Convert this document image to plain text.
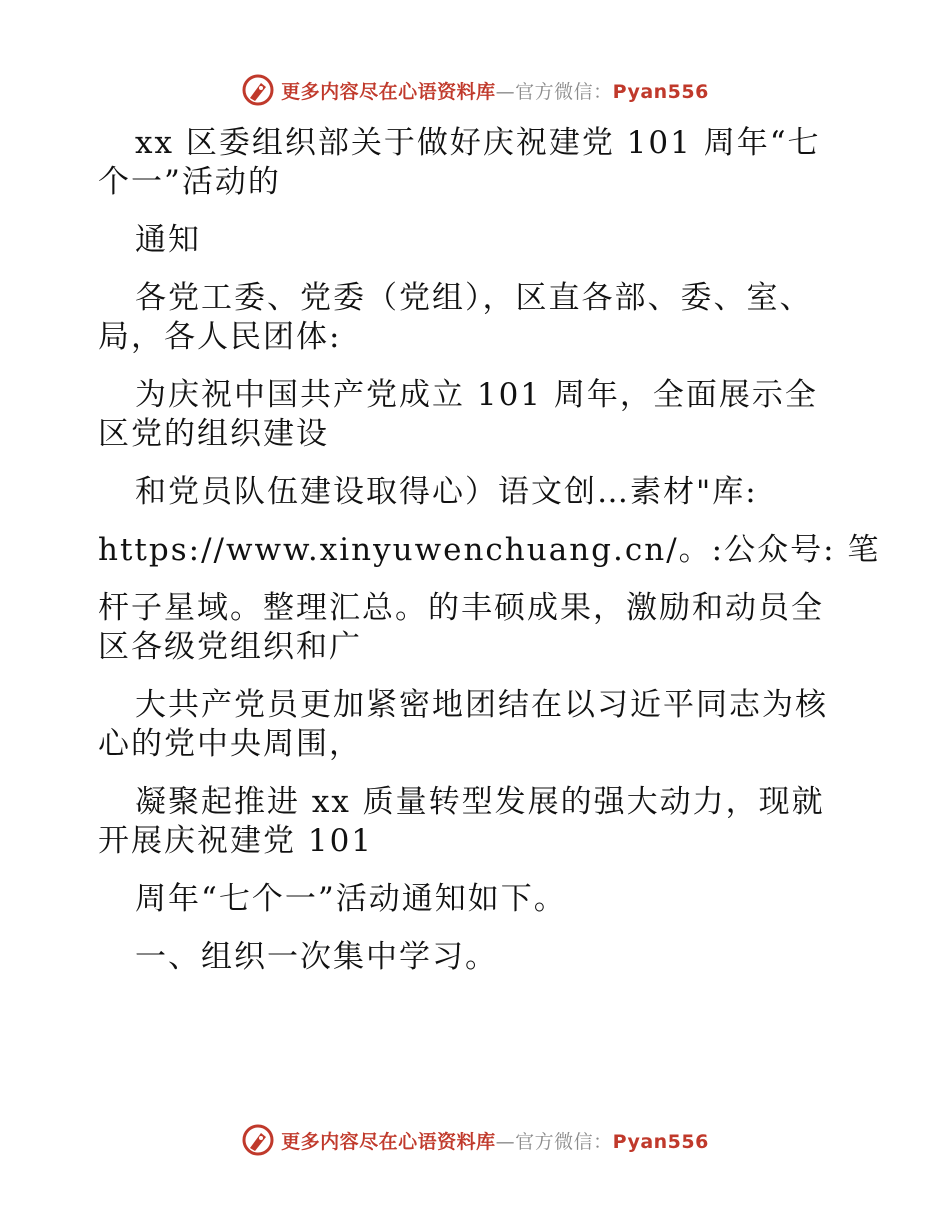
更多内容尽在心语资料库—官方微信：Pyan556
xx 区委组织部关于做好庆祝建党 101 周年“七
个一”活动的
通知
各党工委、党委（党组），区直各部、委、室、
局，各人民团体:
为庆祝中国共产党成立 101 周年，全面展示全
区党的组织建设
和党员队伍建设取得心）语文创…素材"库:
https://www.xinyuwenchuang.cn/。:公众号: 笔
杆子星域。整理汇总。的丰硕成果，激励和动员全
区各级党组织和广
大共产党员更加紧密地团结在以习近平同志为核
心的党中央周围，
凝聚起推进 xx 质量转型发展的强大动力，现就
开展庆祝建党 101
周年“七个一”活动通知如下。
一、组织一次集中学习。
更多内容尽在心语资料库—官方微信：Pyan556
